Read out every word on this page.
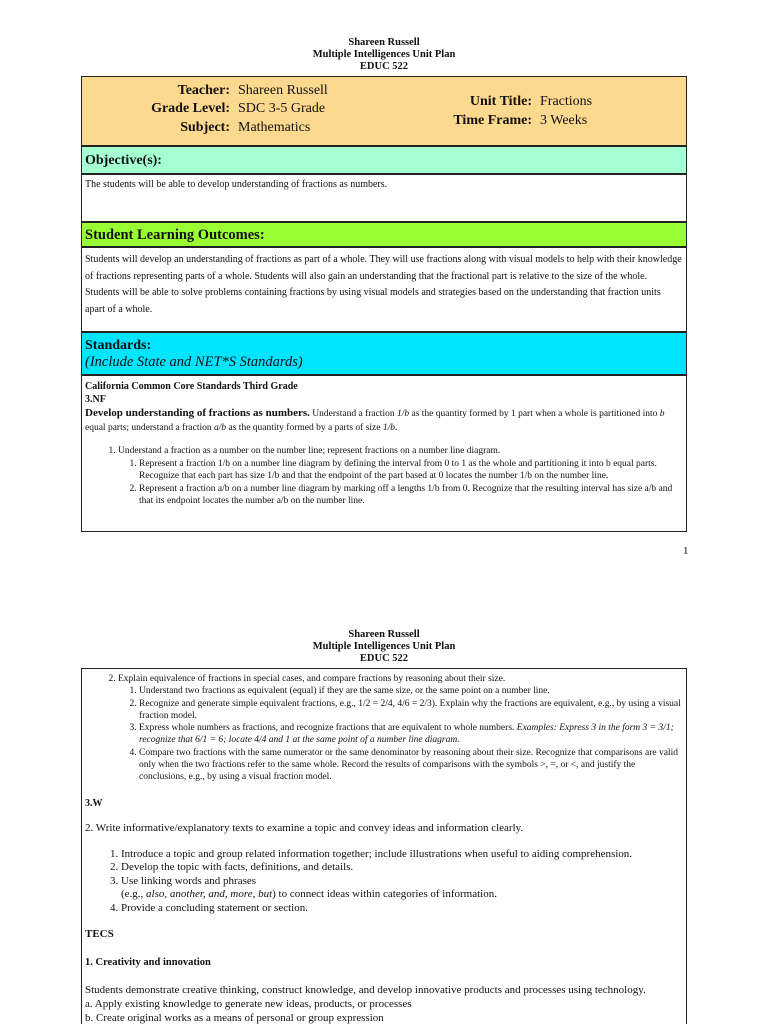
Shareen Russell
Multiple Intelligences Unit Plan
EDUC 522
Teacher:
Grade Level:
Subject:
Shareen Russell
SDC 3-5 Grade
Mathematics
Unit Title:
Time Frame:
Fractions
3 Weeks
Objective(s):
The students will be able to develop understanding of fractions as numbers.
Student Learning Outcomes:
Students will develop an understanding of fractions as part of a whole. They will use fractions along with visual models to help with their knowledge of fractions representing parts of a whole. Students will also gain an understanding that the fractional part is relative to the size of the whole. Students will be able to solve problems containing fractions by using visual models and strategies based on the understanding that fraction units apart of a whole.
Standards:
(Include State and NET*S Standards)
California Common Core Standards Third Grade
3.NF
Develop understanding of fractions as numbers. Understand a fraction 1/b as the quantity formed by 1 part when a whole is partitioned into b equal parts; understand a fraction a/b as the quantity formed by a parts of size 1/b.
1. Understand a fraction as a number on the number line; represent fractions on a number line diagram.
1. Represent a fraction 1/b on a number line diagram by defining the interval from 0 to 1 as the whole and partitioning it into b equal parts. Recognize that each part has size 1/b and that the endpoint of the part based at 0 locates the number 1/b on the number line.
2. Represent a fraction a/b on a number line diagram by marking off a lengths 1/b from 0. Recognize that the resulting interval has size a/b and that its endpoint locates the number a/b on the number line.
1
Shareen Russell
Multiple Intelligences Unit Plan
EDUC 522
2. Explain equivalence of fractions in special cases, and compare fractions by reasoning about their size.
1. Understand two fractions as equivalent (equal) if they are the same size, or the same point on a number line.
2. Recognize and generate simple equivalent fractions, e.g., 1/2 = 2/4, 4/6 = 2/3). Explain why the fractions are equivalent, e.g., by using a visual fraction model.
3. Express whole numbers as fractions, and recognize fractions that are equivalent to whole numbers. Examples: Express 3 in the form 3 = 3/1; recognize that 6/1 = 6; locate 4/4 and 1 at the same point of a number line diagram.
4. Compare two fractions with the same numerator or the same denominator by reasoning about their size. Recognize that comparisons are valid only when the two fractions refer to the same whole. Record the results of comparisons with the symbols >, =, or <, and justify the conclusions, e.g., by using a visual fraction model.
3.W
2. Write informative/explanatory texts to examine a topic and convey ideas and information clearly.
1. Introduce a topic and group related information together; include illustrations when useful to aiding comprehension.
2. Develop the topic with facts, definitions, and details.
3. Use linking words and phrases
(e.g., also, another, and, more, but) to connect ideas within categories of information.
4. Provide a concluding statement or section.
TECS
1. Creativity and innovation
Students demonstrate creative thinking, construct knowledge, and develop innovative products and processes using technology.
a. Apply existing knowledge to generate new ideas, products, or processes
b. Create original works as a means of personal or group expression
